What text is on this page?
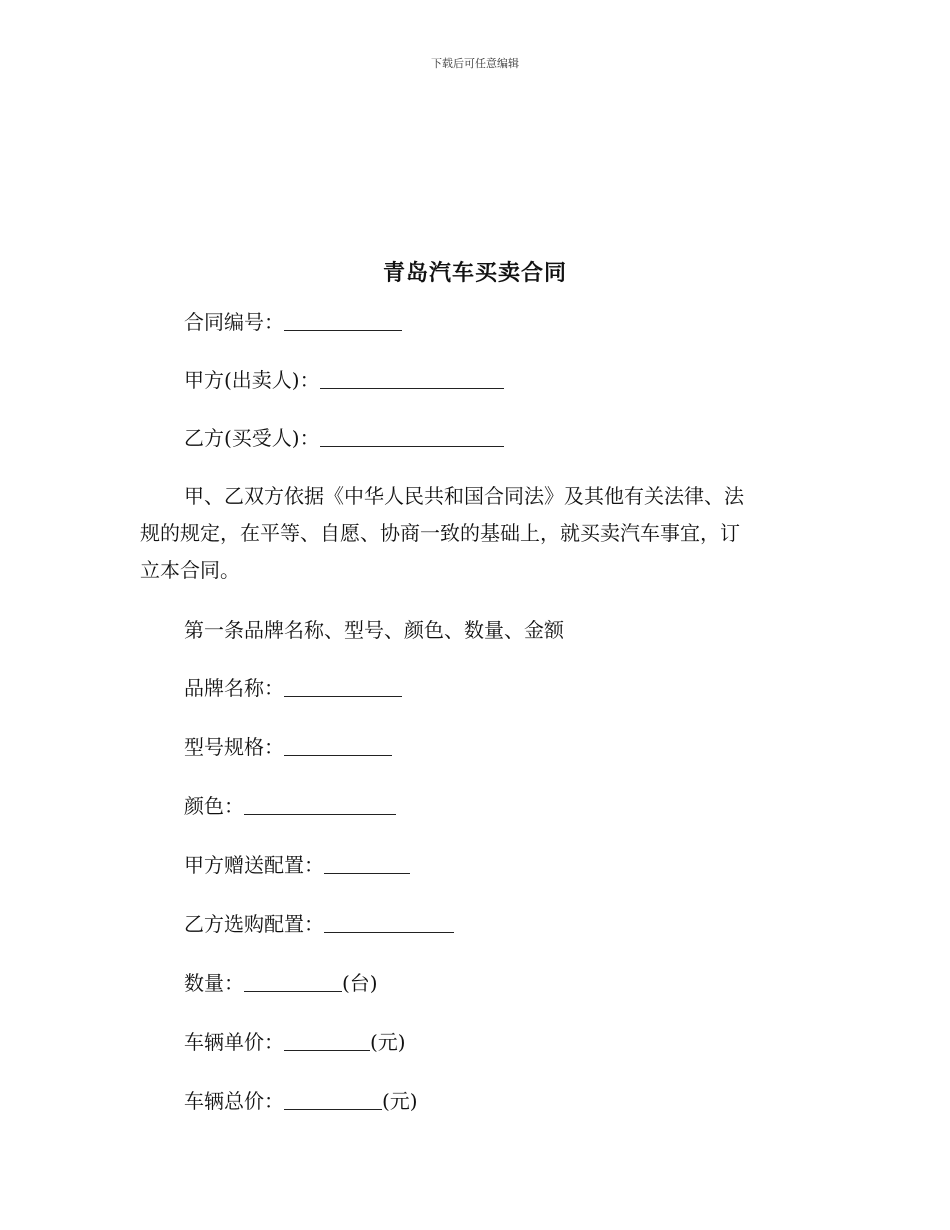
下载后可任意编辑
青岛汽车买卖合同
合同编号：
甲方(出卖人)：
乙方(买受人)：
甲、乙双方依据《中华人民共和国合同法》及其他有关法律、法
规的规定，在平等、自愿、协商一致的基础上，就买卖汽车事宜，订
立本合同。
第一条品牌名称、型号、颜色、数量、金额
品牌名称：
型号规格：
颜色：
甲方赠送配置：
乙方选购配置：
数量：	(台)
车辆单价：	(元)
车辆总价：	(元)
